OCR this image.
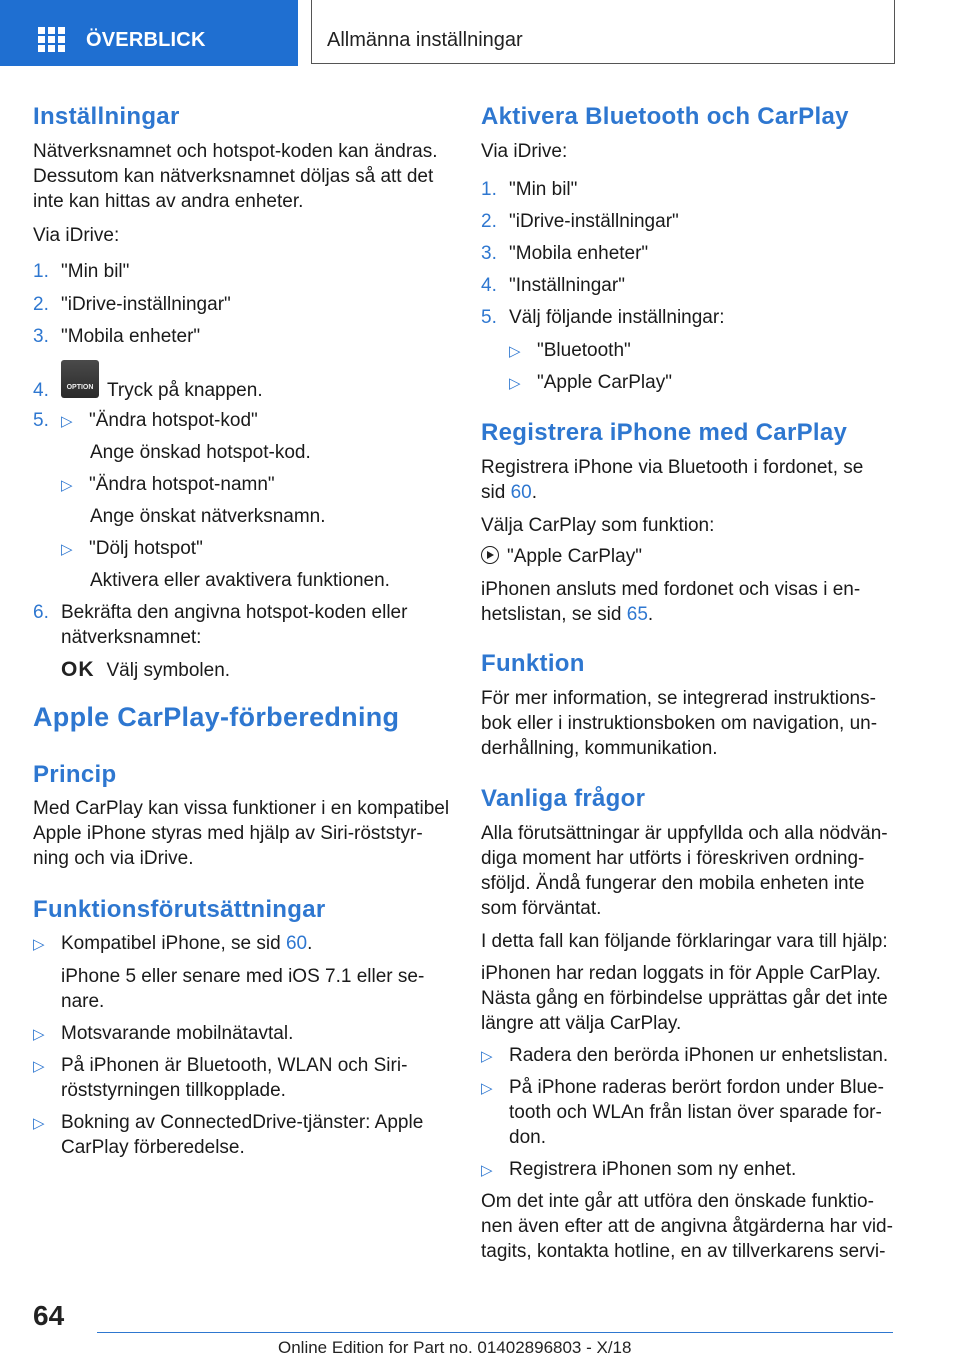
ÖVERBLICK	Allmänna inställningar
Inställningar

Nätverksnamnet och hotspot-koden kan ändras.

Dessutom kan nätverksnamnet döljas så att det

inte kan hittas av andra enheter.

Via iDrive:

1. "Min bil"
2. "iDrive-inställningar"
3. "Mobila enheter"
4.	OPTION Tryck på knappen.
5. ▷ "Ändra hotspot-kod"

Ange önskad hotspot-kod.

▷ "Ändra hotspot-namn"

Ange önskat nätverksnamn.

▷ "Dölj hotspot"

Aktivera eller avaktivera funktionen.

6. Bekräfta den angivna hotspot-koden eller

nätverksnamnet:

OK Välj symbolen.
Apple CarPlay-förberedning
Princip

Med CarPlay kan vissa funktioner i en kompatibel

Apple iPhone styras med hjälp av Siri-röststyr-

ning och via iDrive.

Funktionsförutsättningar
▷ Kompatibel iPhone, se sid 60.

iPhone 5 eller senare med iOS 7.1 eller se-

nare.

▷ Motsvarande mobilnätavtal.
▷ På iPhonen är Bluetooth, WLAN och Siri-

röststyrningen tillkopplade.

▷ Bokning av ConnectedDrive-tjänster: Apple

CarPlay förberedelse.

Aktivera Bluetooth och CarPlay

Via iDrive:

1. "Min bil"
2. "iDrive-inställningar"
3. "Mobila enheter"
4. "Inställningar"
5. Välj följande inställningar:
▷ "Bluetooth"
▷ "Apple CarPlay"
Registrera iPhone med CarPlay

Registrera iPhone via Bluetooth i fordonet, se

sid 60.

Välja CarPlay som funktion:

"Apple CarPlay"

iPhonen ansluts med fordonet och visas i en-

hetslistan, se sid 65.
Funktion

För mer information, se integrerad instruktions-

bok eller i instruktionsboken om navigation, un-

derhållning, kommunikation.

Vanliga frågor

Alla förutsättningar är uppfyllda och alla nödvän-

diga moment har utförts i föreskriven ordning-

sföljd. Ändå fungerar den mobila enheten inte

som förväntat.

I detta fall kan följande förklaringar vara till hjälp:

iPhonen har redan loggats in för Apple CarPlay.

Nästa gång en förbindelse upprättas går det inte

längre att välja CarPlay.

▷ Radera den berörda iPhonen ur enhetslistan.
▷ På iPhone raderas berört fordon under Blue-

tooth och WLAn från listan över sparade for-

don.

▷ Registrera iPhonen som ny enhet.

Om det inte går att utföra den önskade funktio-

nen även efter att de angivna åtgärderna har vid-

tagits, kontakta hotline, en av tillverkarens servi-

64
Online Edition for Part no. 01402896803 - X/18
